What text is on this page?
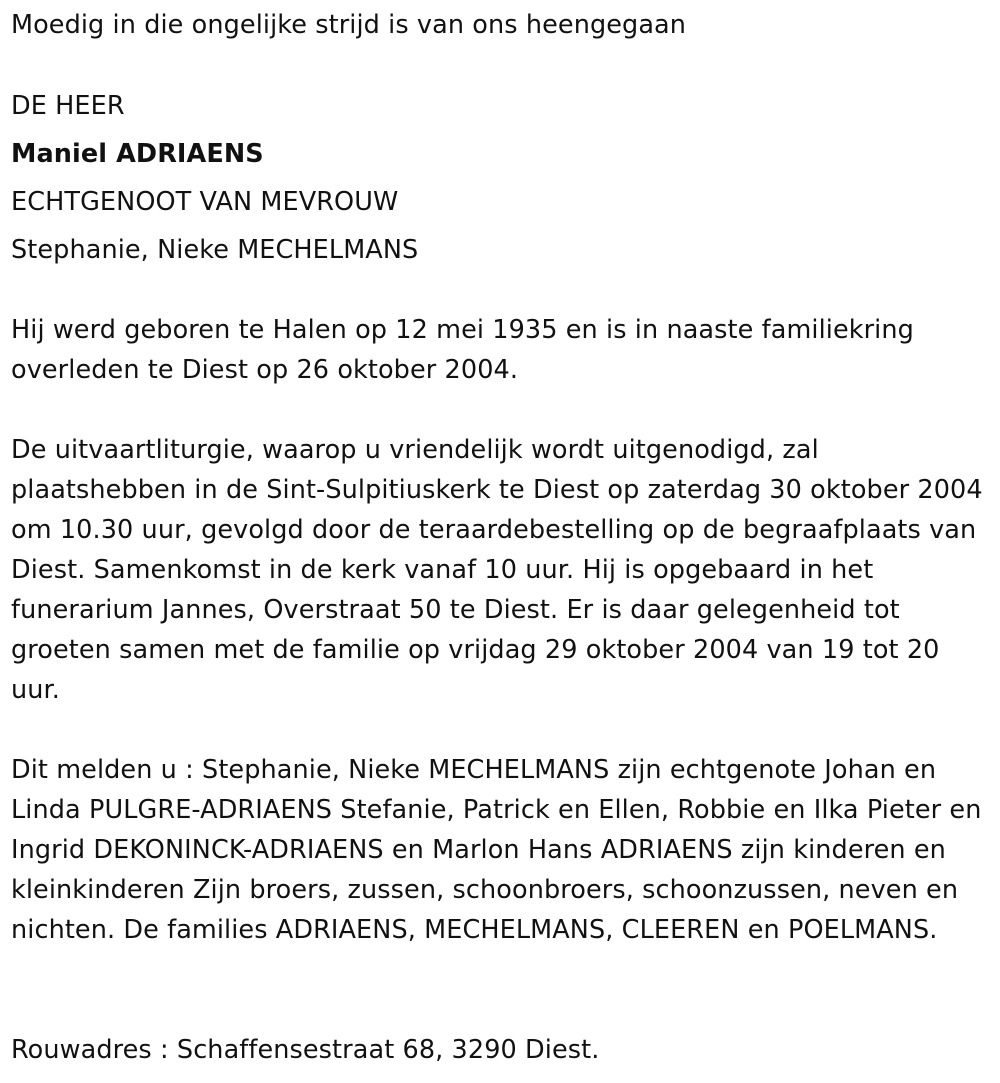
Moedig in die ongelijke strijd is van ons heengegaan

DE HEER

Maniel ADRIAENS

ECHTGENOOT VAN MEVROUW

Stephanie, Nieke MECHELMANS

Hij werd geboren te Halen op 12 mei 1935 en is in naaste familiekring overleden te Diest op 26 oktober 2004.

De uitvaartliturgie, waarop u vriendelijk wordt uitgenodigd, zal plaatshebben in de Sint-Sulpitiuskerk te Diest op zaterdag 30 oktober 2004 om 10.30 uur, gevolgd door de teraardebestelling op de begraafplaats van Diest. Samenkomst in de kerk vanaf 10 uur. Hij is opgebaard in het funerarium Jannes, Overstraat 50 te Diest. Er is daar gelegenheid tot groeten samen met de familie op vrijdag 29 oktober 2004 van 19 tot 20 uur.

Dit melden u : Stephanie, Nieke MECHELMANS zijn echtgenote Johan en Linda PULGRE-ADRIAENS Stefanie, Patrick en Ellen, Robbie en Ilka Pieter en Ingrid DEKONINCK-ADRIAENS en Marlon Hans ADRIAENS zijn kinderen en kleinkinderen Zijn broers, zussen, schoonbroers, schoonzussen, neven en nichten. De families ADRIAENS, MECHELMANS, CLEEREN en POELMANS.

Rouwadres : Schaffensestraat 68, 3290 Diest.
